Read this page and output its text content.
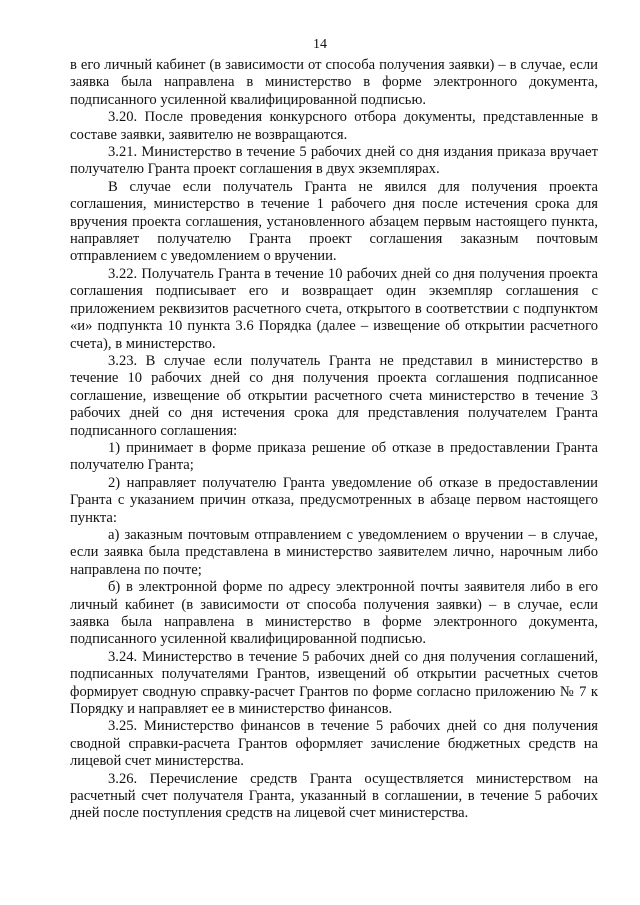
14

в его личный кабинет (в зависимости от способа получения заявки) – в случае, если заявка была направлена в министерство в форме электронного документа, подписанного усиленной квалифицированной подписью.

3.20. После проведения конкурсного отбора документы, представленные в составе заявки, заявителю не возвращаются.

3.21. Министерство в течение 5 рабочих дней со дня издания приказа вручает получателю Гранта проект соглашения в двух экземплярах.

В случае если получатель Гранта не явился для получения проекта соглашения, министерство в течение 1 рабочего дня после истечения срока для вручения проекта соглашения, установленного абзацем первым настоящего пункта, направляет получателю Гранта проект соглашения заказным почтовым отправлением с уведомлением о вручении.

3.22. Получатель Гранта в течение 10 рабочих дней со дня получения проекта соглашения подписывает его и возвращает один экземпляр соглашения с приложением реквизитов расчетного счета, открытого в соответствии с подпунктом «и» подпункта 10 пункта 3.6 Порядка (далее – извещение об открытии расчетного счета), в министерство.

3.23. В случае если получатель Гранта не представил в министерство в течение 10 рабочих дней со дня получения проекта соглашения подписанное соглашение, извещение об открытии расчетного счета министерство в течение 3 рабочих дней со дня истечения срока для представления получателем Гранта подписанного соглашения:

1) принимает в форме приказа решение об отказе в предоставлении Гранта получателю Гранта;

2) направляет получателю Гранта уведомление об отказе в предоставлении Гранта с указанием причин отказа, предусмотренных в абзаце первом настоящего пункта:

а) заказным почтовым отправлением с уведомлением о вручении – в случае, если заявка была представлена в министерство заявителем лично, нарочным либо направлена по почте;

б) в электронной форме по адресу электронной почты заявителя либо в его личный кабинет (в зависимости от способа получения заявки) – в случае, если заявка была направлена в министерство в форме электронного документа, подписанного усиленной квалифицированной подписью.

3.24. Министерство в течение 5 рабочих дней со дня получения соглашений, подписанных получателями Грантов, извещений об открытии расчетных счетов формирует сводную справку-расчет Грантов по форме согласно приложению № 7 к Порядку и направляет ее в министерство финансов.

3.25. Министерство финансов в течение 5 рабочих дней со дня получения сводной справки-расчета Грантов оформляет зачисление бюджетных средств на лицевой счет министерства.

3.26. Перечисление средств Гранта осуществляется министерством на расчетный счет получателя Гранта, указанный в соглашении, в течение 5 рабочих дней после поступления средств на лицевой счет министерства.
